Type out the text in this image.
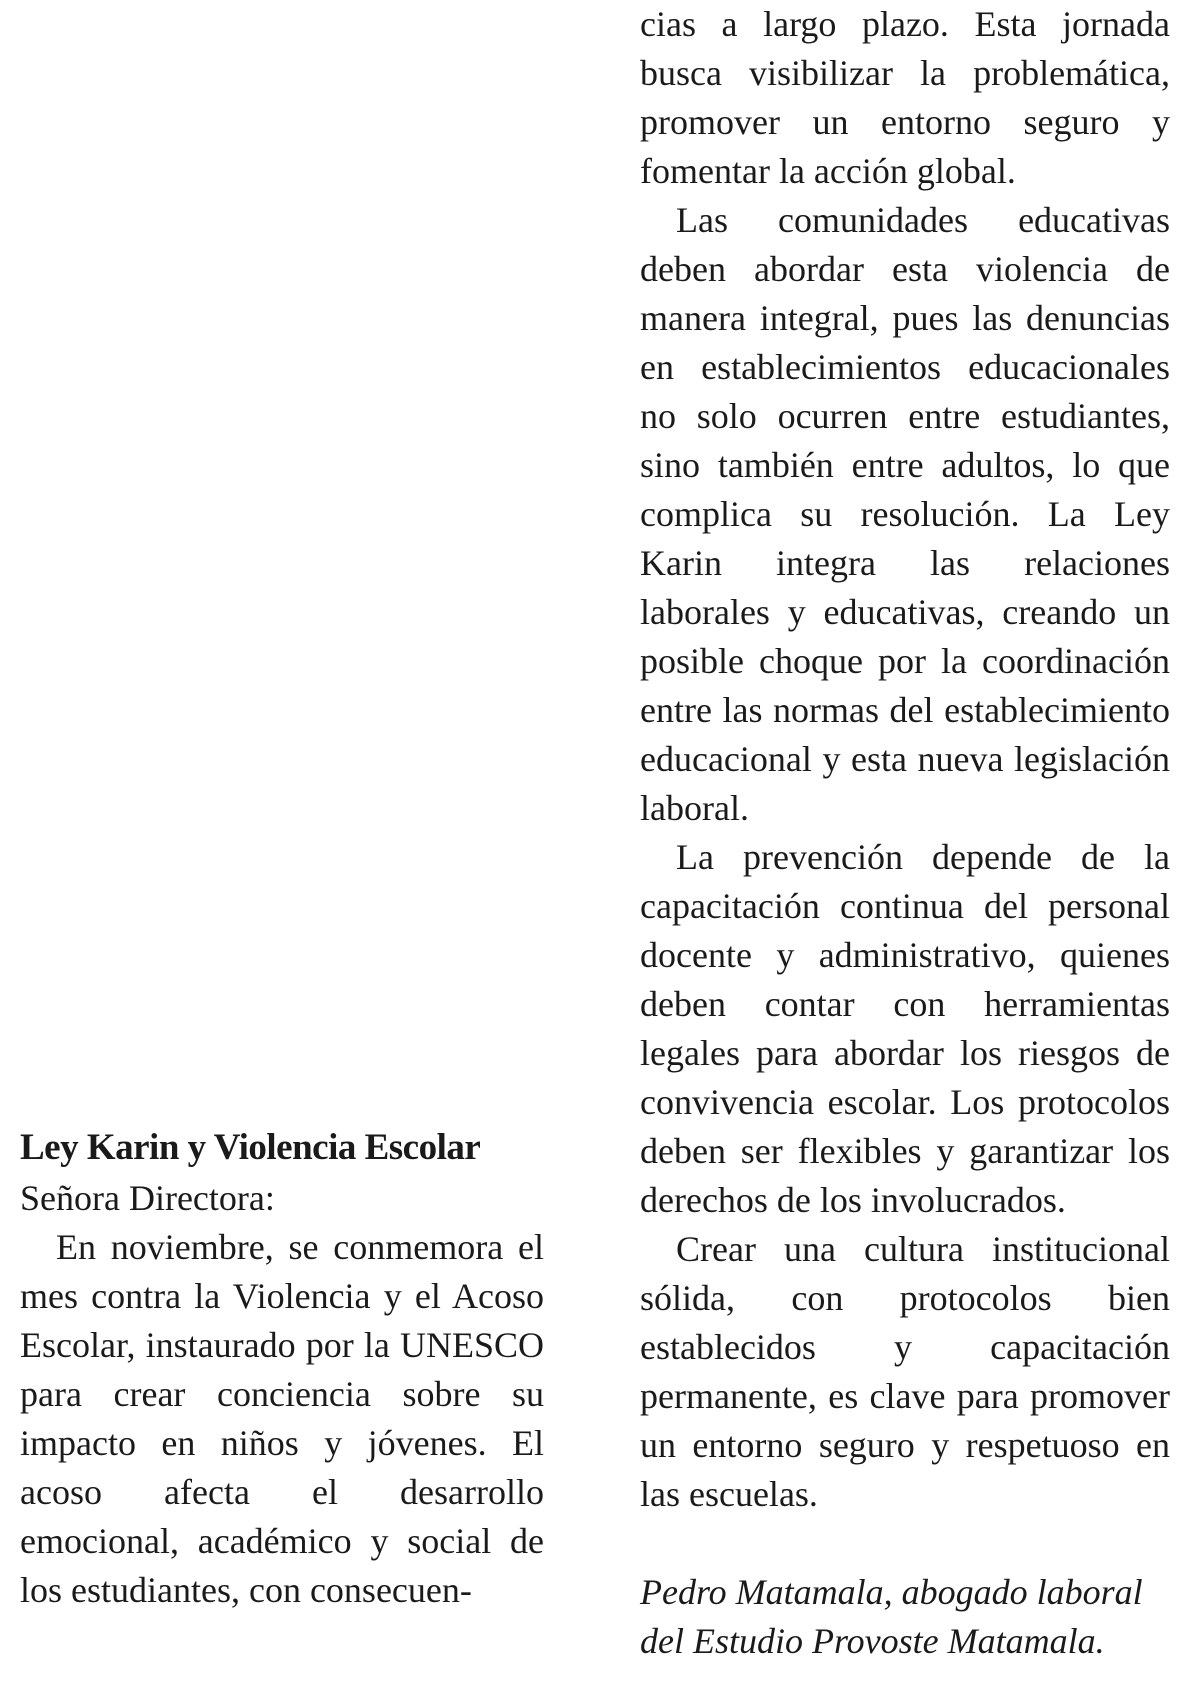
Ley Karin y Violencia Escolar

Señora Directora:

En noviembre, se conmemora el mes contra la Violencia y el Acoso Escolar, instaurado por la UNESCO para crear conciencia sobre su impacto en niños y jóvenes. El acoso afecta el desarrollo emocional, académico y social de los estudiantes, con consecuen-

cias a largo plazo. Esta jornada busca visibilizar la problemática, promover un entorno seguro y fomentar la acción global.

Las comunidades educativas deben abordar esta violencia de manera integral, pues las denuncias en establecimientos educacionales no solo ocurren entre estudiantes, sino también entre adultos, lo que complica su resolución. La Ley Karin integra las relaciones laborales y educativas, creando un posible choque por la coordinación entre las normas del establecimiento educacional y esta nueva legislación laboral.

La prevención depende de la capacitación continua del personal docente y administrativo, quienes deben contar con herramientas legales para abordar los riesgos de convivencia escolar. Los protocolos deben ser flexibles y garantizar los derechos de los involucrados.

Crear una cultura institucional sólida, con protocolos bien establecidos y capacitación permanente, es clave para promover un entorno seguro y respetuoso en las escuelas.

Pedro Matamala, abogado laboral del Estudio Provoste Matamala.
